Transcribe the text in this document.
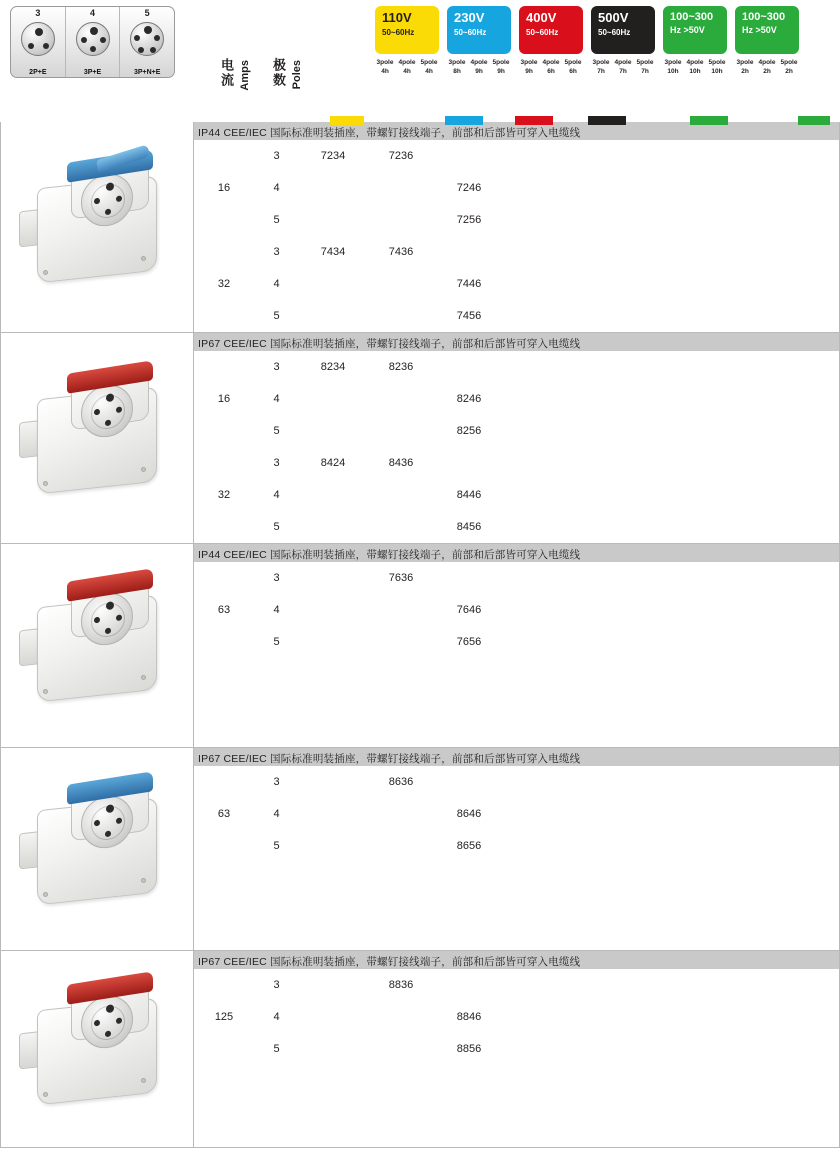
3
2P+E
4
3P+E
5
3P+N+E	电流 Amps 极数 Poles
110V
50~60Hz
230V
50~60Hz
400V
50~60Hz
500V
50~60Hz
100~300
Hz >50V
100~300
Hz >50V
3pole
4h
4pole
4h
5pole
4h
3pole
8h
4pole
9h
5pole
9h
3pole
9h
4pole
6h
5pole
6h
3pole
7h
4pole
7h
5pole
7h
3pole
10h
4pole
10h
5pole
10h
3pole
2h
4pole
2h
5pole
2h

IP44 CEE/IEC 国际标准明装插座，带螺钉接线端子，前部和后部皆可穿入电缆线
16	3	7234	7236				
4			7246			
5			7256			
32	3	7434	7436				
4			7446			
5			7456			

IP67 CEE/IEC 国际标准明装插座，带螺钉接线端子，前部和后部皆可穿入电缆线
16	3	8234	8236				
4			8246			
5			8256			
32	3	8424	8436				
4			8446			
5			8456			

IP44 CEE/IEC 国际标准明装插座，带螺钉接线端子，前部和后部皆可穿入电缆线
63	3		7636				
4			7646			
5			7656			

IP67 CEE/IEC 国际标准明装插座，带螺钉接线端子，前部和后部皆可穿入电缆线
63	3		8636				
4			8646			
5			8656			

IP67 CEE/IEC 国际标准明装插座，带螺钉接线端子，前部和后部皆可穿入电缆线
125	3		8836				
4			8846			
5			8856			
